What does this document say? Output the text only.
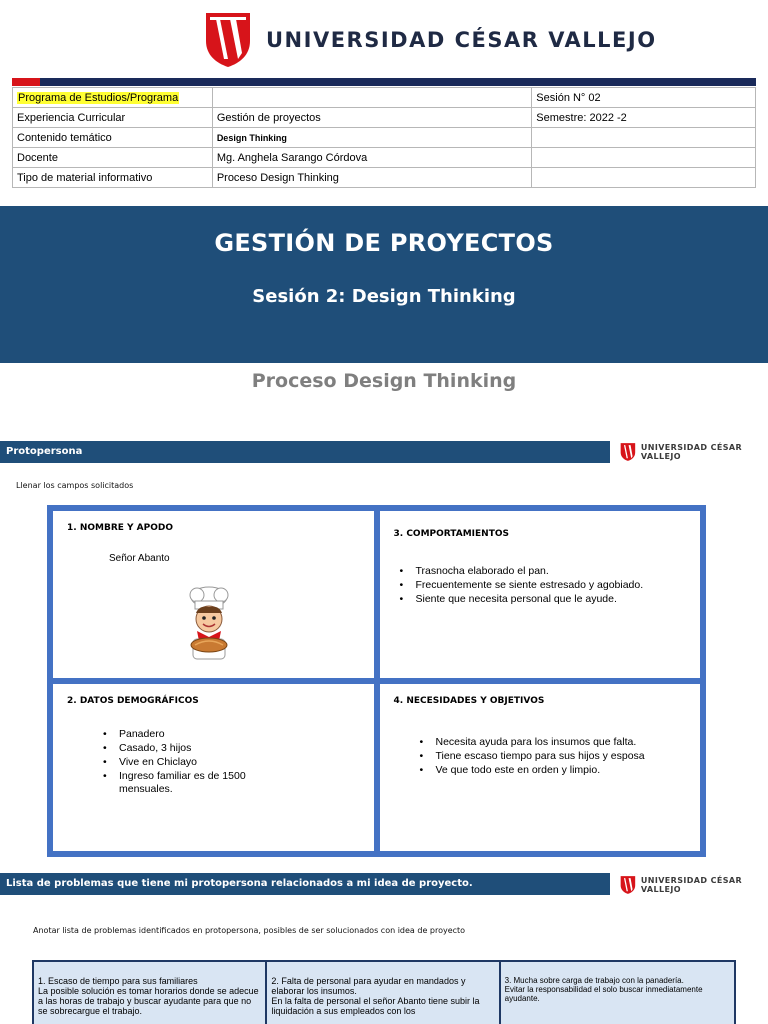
UNIVERSIDAD CÉSAR VALLEJO
Programa de Estudios/Programa		Sesión N° 02
Experiencia Curricular	Gestión de proyectos	Semestre: 2022 -2
Contenido temático	Design Thinking	
Docente	Mg. Anghela Sarango Córdova	
Tipo de material informativo	Proceso Design Thinking	
GESTIÓN DE PROYECTOS
Sesión 2: Design Thinking
Proceso Design Thinking
Protopersona	UNIVERSIDAD CÉSAR VALLEJO
Llenar los campos solicitados
1. NOMBRE Y APODO
Señor Abanto
3. COMPORTAMIENTOS
• Trasnocha elaborado el pan.
• Frecuentemente se siente estresado y agobiado.
• Siente que necesita personal que le ayude.
2. DATOS DEMOGRÁFICOS
• Panadero
• Casado, 3 hijos
• Vive en Chiclayo
• Ingreso familiar es de 1500 mensuales.
4. NECESIDADES Y OBJETIVOS
• Necesita ayuda para los insumos que falta.
• Tiene escaso tiempo para sus hijos y esposa
• Ve que todo este en orden y limpio.
Lista de problemas que tiene mi protopersona relacionados a mi idea de proyecto.	UNIVERSIDAD CÉSAR VALLEJO
Anotar lista de problemas identificados en protopersona, posibles de ser solucionados con idea de proyecto
1. Escaso de tiempo para sus familiares
La posible solución es tomar horarios donde se adecue a las horas de trabajo y buscar ayudante para que no se sobrecargue el trabajo.

2. Falta de personal para ayudar en mandados y elaborar los insumos.
En la falta de personal el señor Abanto tiene subir la liquidación a sus empleados con los

3. Mucha sobre carga de trabajo con la panadería.
Evitar la responsabilidad el solo buscar inmediatamente ayudante.
